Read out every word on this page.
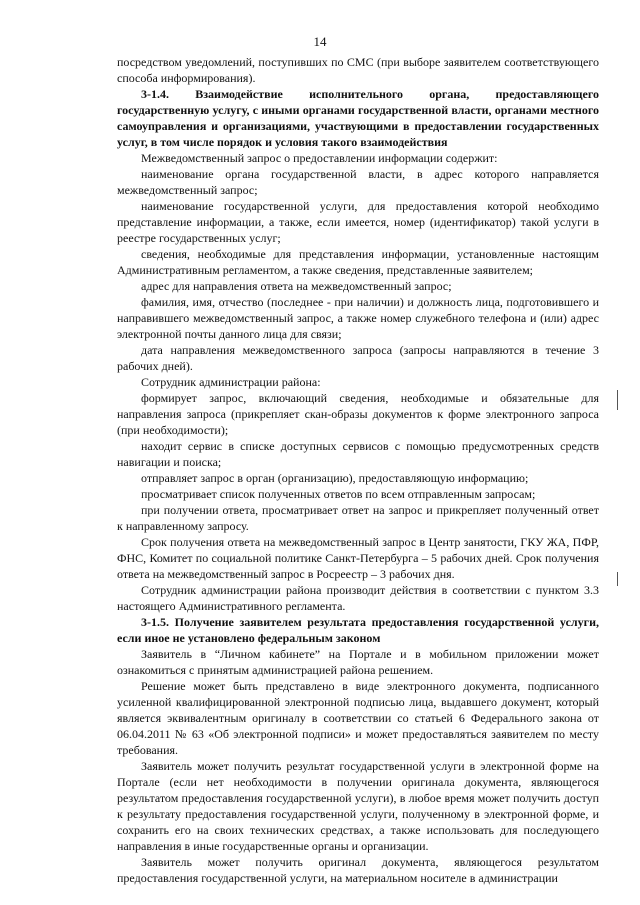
14

посредством уведомлений, поступивших по СМС (при выборе заявителем соответствующего способа информирования).

3-1.4. Взаимодействие исполнительного органа, предоставляющего государственную услугу, с иными органами государственной власти, органами местного самоуправления и организациями, участвующими в предоставлении государственных услуг, в том числе порядок и условия такого взаимодействия

Межведомственный запрос о предоставлении информации содержит:

наименование органа государственной власти, в адрес которого направляется межведомственный запрос;

наименование государственной услуги, для предоставления которой необходимо представление информации, а также, если имеется, номер (идентификатор) такой услуги в реестре государственных услуг;

сведения, необходимые для представления информации, установленные настоящим Административным регламентом, а также сведения, представленные заявителем;

адрес для направления ответа на межведомственный запрос;

фамилия, имя, отчество (последнее - при наличии) и должность лица, подготовившего и направившего межведомственный запрос, а также номер служебного телефона и (или) адрес электронной почты данного лица для связи;

дата направления межведомственного запроса (запросы направляются в течение 3 рабочих дней).

Сотрудник администрации района:

формирует запрос, включающий сведения, необходимые и обязательные для направления запроса (прикрепляет скан-образы документов к форме электронного запроса (при необходимости);

находит сервис в списке доступных сервисов с помощью предусмотренных средств навигации и поиска;

отправляет запрос в орган (организацию), предоставляющую информацию;

просматривает список полученных ответов по всем отправленным запросам;

при получении ответа, просматривает ответ на запрос и прикрепляет полученный ответ к направленному запросу.

Срок получения ответа на межведомственный запрос в Центр занятости, ГКУ ЖА, ПФР, ФНС, Комитет по социальной политике Санкт-Петербурга – 5 рабочих дней. Срок получения ответа на межведомственный запрос в Росреестр – 3 рабочих дня.

Сотрудник администрации района производит действия в соответствии с пунктом 3.3 настоящего Административного регламента.

3-1.5. Получение заявителем результата предоставления государственной услуги, если иное не установлено федеральным законом

Заявитель в “Личном кабинете” на Портале и в мобильном приложении может ознакомиться с принятым администрацией района решением.

Решение может быть представлено в виде электронного документа, подписанного усиленной квалифицированной электронной подписью лица, выдавшего документ, который является эквивалентным оригиналу в соответствии со статьей 6 Федерального закона от 06.04.2011 № 63 «Об электронной подписи» и может предоставляться заявителем по месту требования.

Заявитель может получить результат государственной услуги в электронной форме на Портале (если нет необходимости в получении оригинала документа, являющегося результатом предоставления государственной услуги), в любое время может получить доступ к результату предоставления государственной услуги, полученному в электронной форме, и сохранить его на своих технических средствах, а также использовать для последующего направления в иные государственные органы и организации.

Заявитель может получить оригинал документа, являющегося результатом предоставления государственной услуги, на материальном носителе в администрации
